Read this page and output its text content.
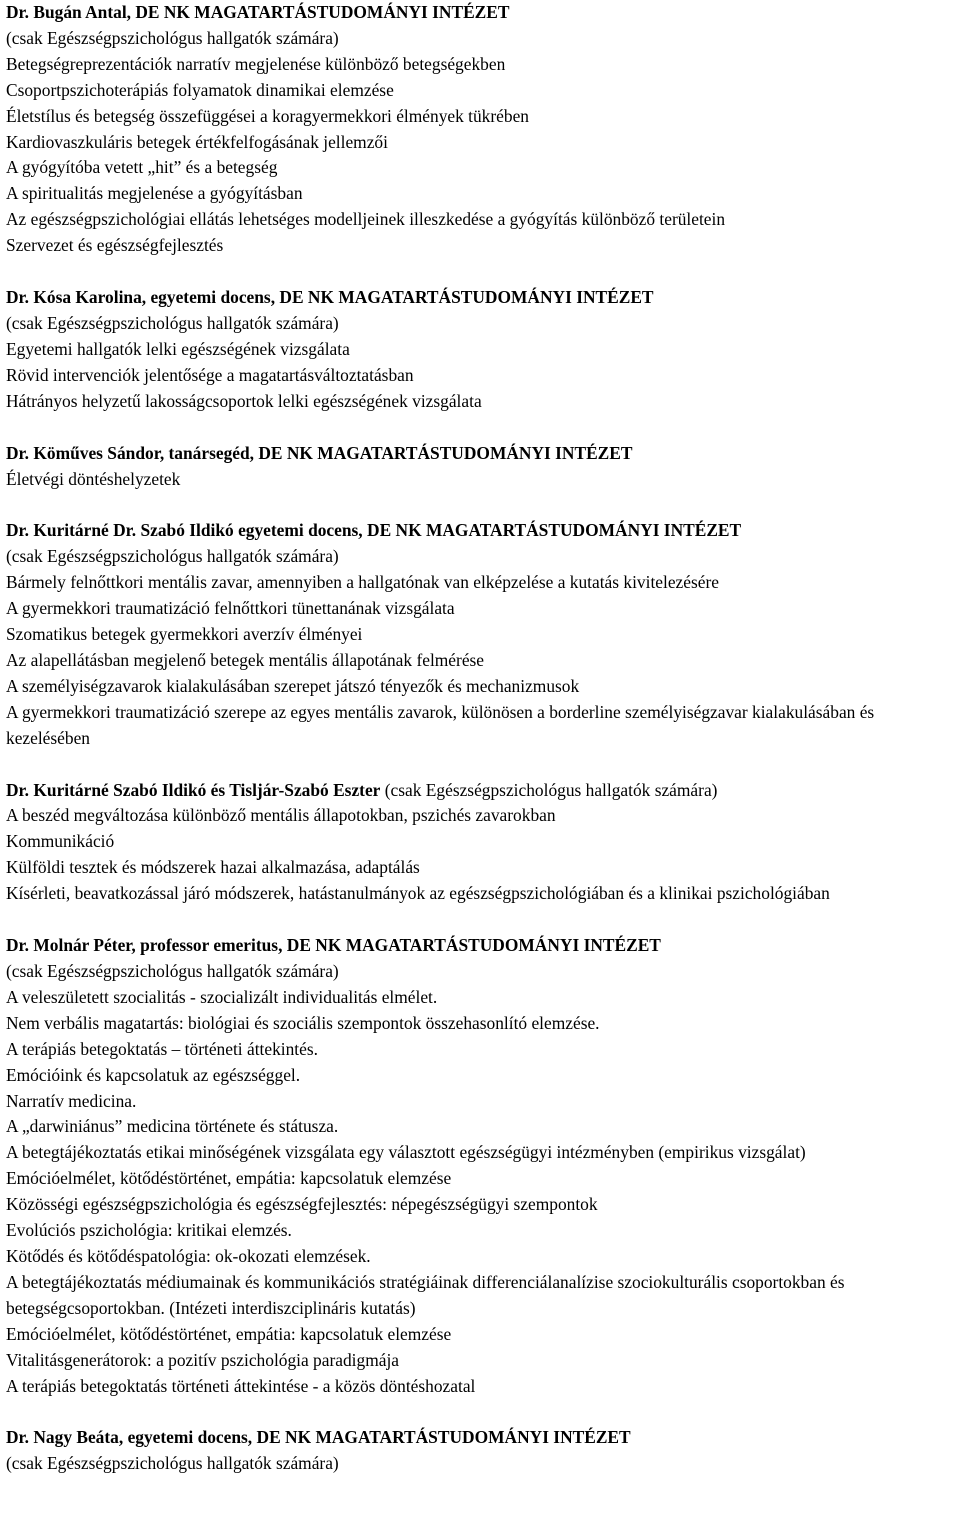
Dr. Bugán Antal, DE NK MAGATARTÁSTUDOMÁNYI INTÉZET
(csak Egészségpszichológus hallgatók számára)
Betegségreprezentációk narratív megjelenése különböző betegségekben
Csoportpszichoterápiás folyamatok dinamikai elemzése
Életstílus és betegség összefüggései a koragyermekkori élmények tükrében
Kardiovaszkuláris betegek értékfelfogásának jellemzői
A gyógyítóba vetett „hit” és a betegség
A spiritualitás megjelenése a gyógyításban
Az egészségpszichológiai ellátás lehetséges modelljeinek illeszkedése a gyógyítás különböző területein
Szervezet és egészségfejlesztés
Dr. Kósa Karolina, egyetemi docens, DE NK MAGATARTÁSTUDOMÁNYI INTÉZET
(csak Egészségpszichológus hallgatók számára)
Egyetemi hallgatók lelki egészségének vizsgálata
Rövid intervenciók jelentősége a magatartásváltoztatásban
Hátrányos helyzetű lakosságcsoportok lelki egészségének vizsgálata
Dr. Köműves Sándor, tanársegéd, DE NK MAGATARTÁSTUDOMÁNYI INTÉZET
Életvégi döntéshelyzetek
Dr. Kuritárné Dr. Szabó Ildikó egyetemi docens, DE NK MAGATARTÁSTUDOMÁNYI INTÉZET
(csak Egészségpszichológus hallgatók számára)
Bármely felnőttkori mentális zavar, amennyiben a hallgatónak van elképzelése a kutatás kivitelezésére
A gyermekkori traumatizáció felnőttkori tünettanának vizsgálata
Szomatikus betegek gyermekkori averzív élményei
Az alapellátásban megjelenő betegek mentális állapotának felmérése
A személyiségzavarok kialakulásában szerepet játszó tényezők és mechanizmusok
A gyermekkori traumatizáció szerepe az egyes mentális zavarok, különösen a borderline személyiségzavar kialakulásában és kezelésében
Dr. Kuritárné Szabó Ildikó és Tisljár-Szabó Eszter (csak Egészségpszichológus hallgatók számára)
A beszéd megváltozása különböző mentális állapotokban, pszichés zavarokban
Kommunikáció
Külföldi tesztek és módszerek hazai alkalmazása, adaptálás
Kísérleti, beavatkozással járó módszerek, hatástanulmányok az egészségpszichológiában és a klinikai pszichológiában
Dr. Molnár Péter, professor emeritus, DE NK MAGATARTÁSTUDOMÁNYI INTÉZET
(csak Egészségpszichológus hallgatók számára)
A veleszületett szocialitás - szocializált individualitás elmélet.
Nem verbális magatartás: biológiai és szociális szempontok összehasonlító elemzése.
A terápiás betegoktatás – történeti áttekintés.
Emócióink és kapcsolatuk az egészséggel.
Narratív medicina.
A „darwiniánus” medicina története és státusza.
A betegtájékoztatás etikai minőségének vizsgálata egy választott egészségügyi intézményben (empirikus vizsgálat)
Emócióelmélet, kötődéstörténet, empátia: kapcsolatuk elemzése
Közösségi egészségpszichológia és egészségfejlesztés: népegészségügyi szempontok
Evolúciós pszichológia: kritikai elemzés.
Kötődés és kötődéspatológia: ok-okozati elemzések.
A betegtájékoztatás médiumainak és kommunikációs stratégiáinak differenciálanalízise szociokulturális csoportokban és betegségcsoportokban. (Intézeti interdiszciplináris kutatás)
Emócióelmélet, kötődéstörténet, empátia: kapcsolatuk elemzése
Vitalitásgenerátorok: a pozitív pszichológia paradigmája
A terápiás betegoktatás történeti áttekintése - a közös döntéshozatal
Dr. Nagy Beáta, egyetemi docens, DE NK MAGATARTÁSTUDOMÁNYI INTÉZET
(csak Egészségpszichológus hallgatók számára)
